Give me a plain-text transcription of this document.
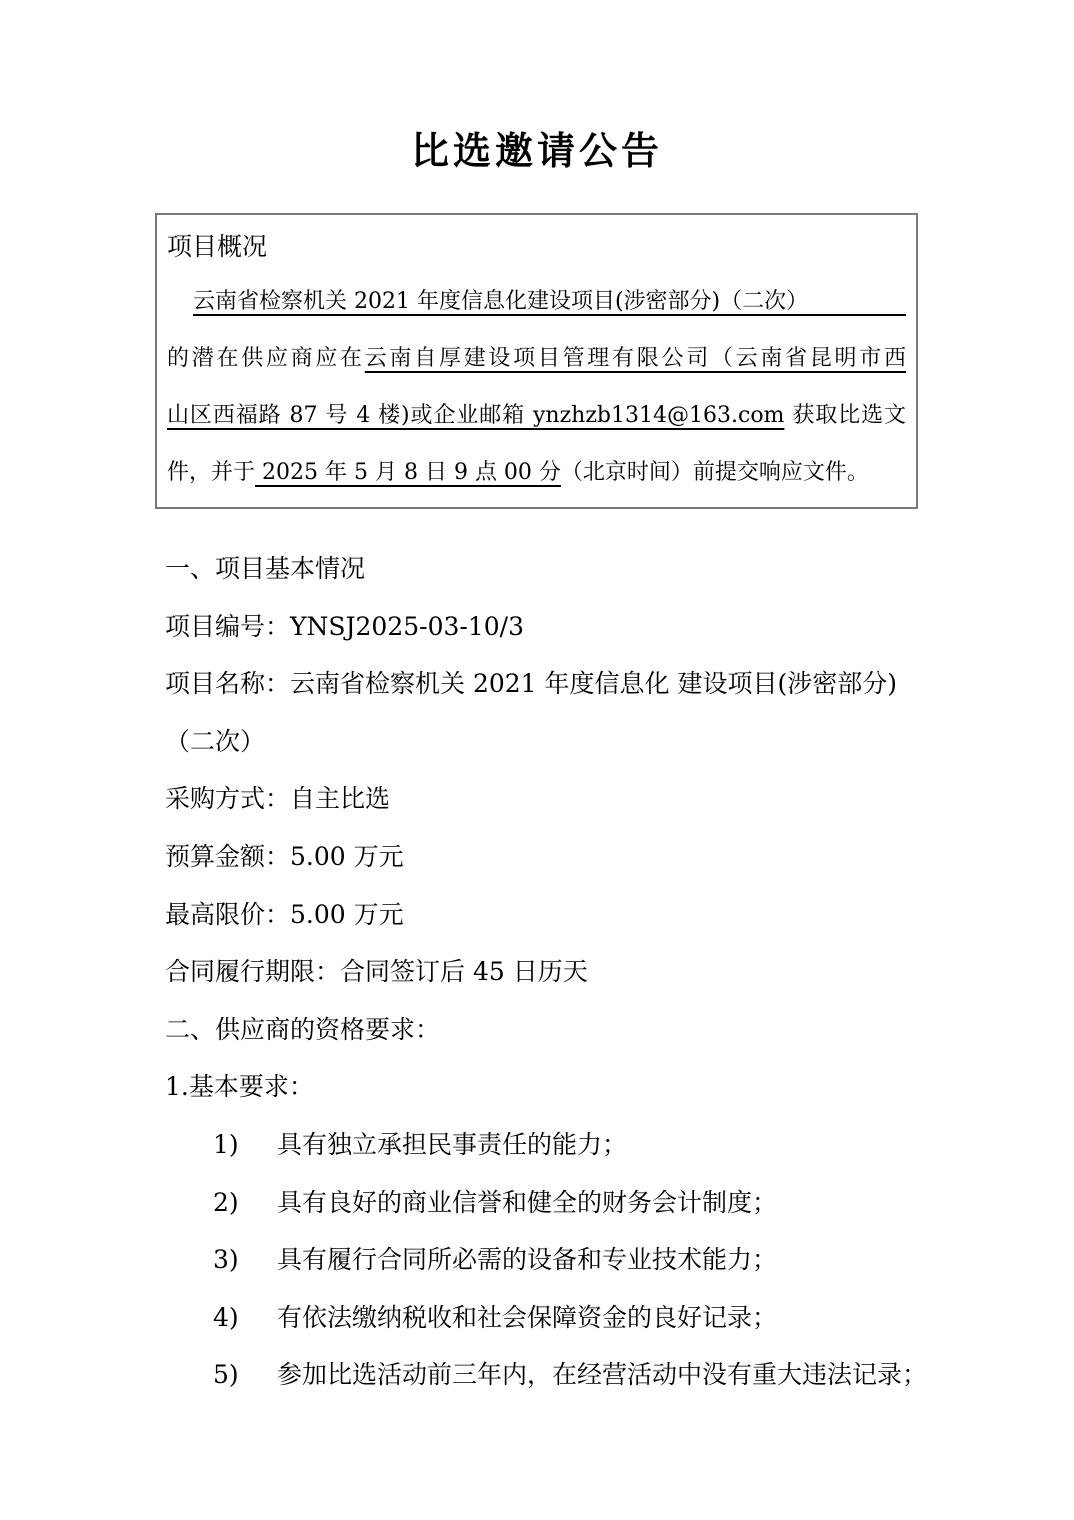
比选邀请公告
项目概况
云南省检察机关 2021 年度信息化建设项目(涉密部分)（二次）
的潜在供应商应在云南自厚建设项目管理有限公司（云南省昆明市西
山区西福路 87 号 4 楼)或企业邮箱 ynzhzb1314@163.com 获取比选文
件，并于 2025 年 5 月 8 日 9 点 00 分（北京时间）前提交响应文件。
一、项目基本情况
项目编号：YNSJ2025-03-10/3
项目名称：云南省检察机关 2021 年度信息化 建设项目(涉密部分)
（二次）
采购方式：自主比选
预算金额：5.00 万元
最高限价：5.00 万元
合同履行期限：合同签订后 45 日历天
二、供应商的资格要求：
1.基本要求：
1) 具有独立承担民事责任的能力；
2) 具有良好的商业信誉和健全的财务会计制度；
3) 具有履行合同所必需的设备和专业技术能力；
4) 有依法缴纳税收和社会保障资金的良好记录；
5) 参加比选活动前三年内，在经营活动中没有重大违法记录；
